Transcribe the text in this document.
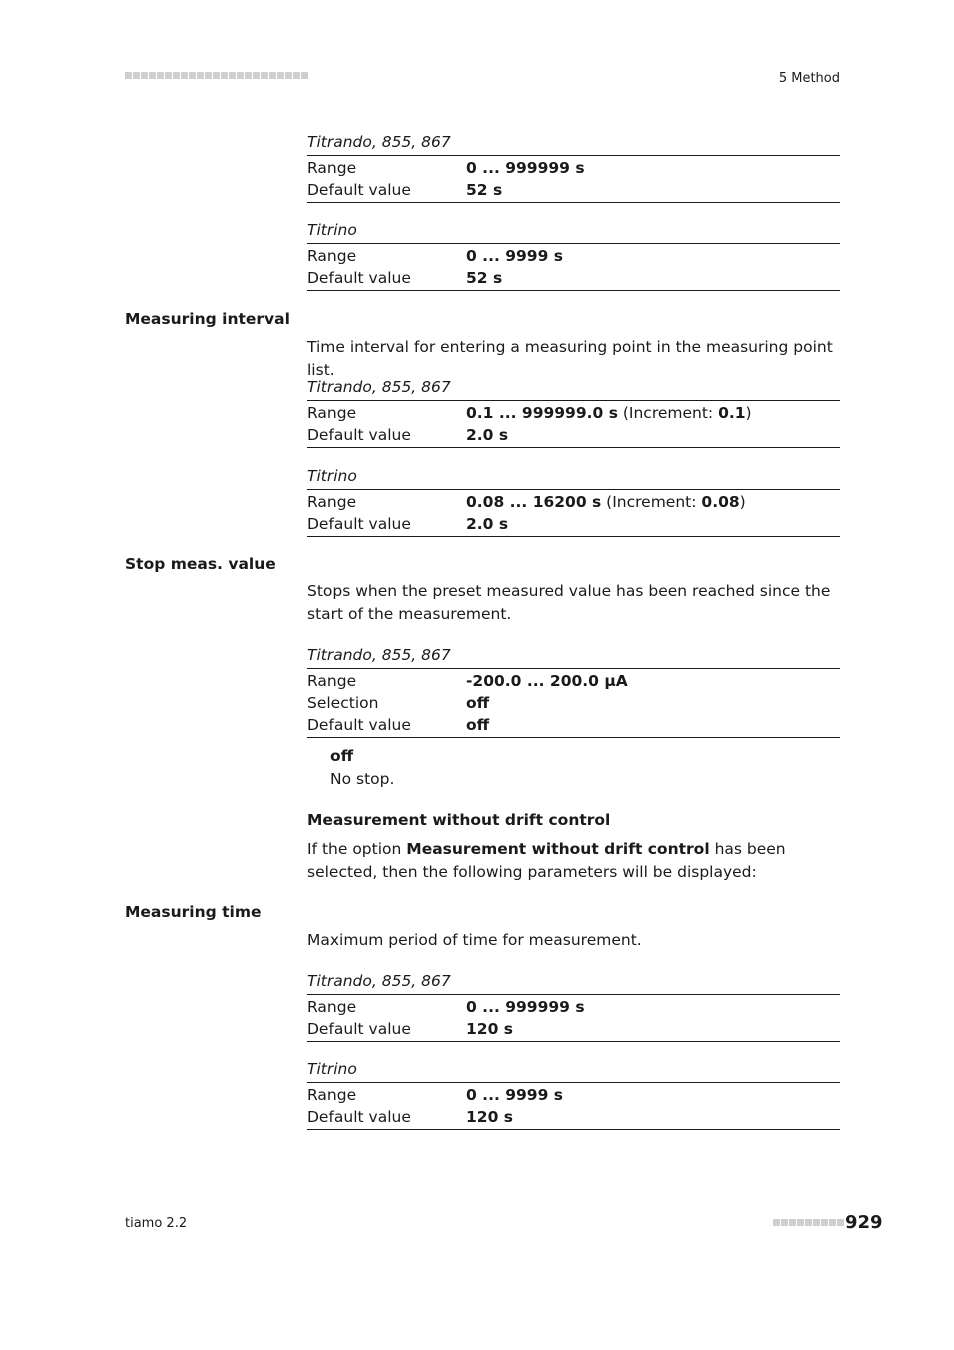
5 Method
Titrando, 855, 867
Range	0 ... 999999 s
Default value	52 s
Titrino
Range	0 ... 9999 s
Default value	52 s
Measuring interval
Time interval for entering a measuring point in the measuring point list.
Titrando, 855, 867
Range	0.1 ... 999999.0 s (Increment: 0.1)
Default value	2.0 s
Titrino
Range	0.08 ... 16200 s (Increment: 0.08)
Default value	2.0 s
Stop meas. value
Stops when the preset measured value has been reached since the start of the measurement.
Titrando, 855, 867
Range	-200.0 ... 200.0 µA
Selection	off
Default value	off
off
No stop.
Measurement without drift control
If the option Measurement without drift control has been selected, then the following parameters will be displayed:
Measuring time
Maximum period of time for measurement.
Titrando, 855, 867
Range	0 ... 999999 s
Default value	120 s
Titrino
Range	0 ... 9999 s
Default value	120 s
tiamo 2.2	929
